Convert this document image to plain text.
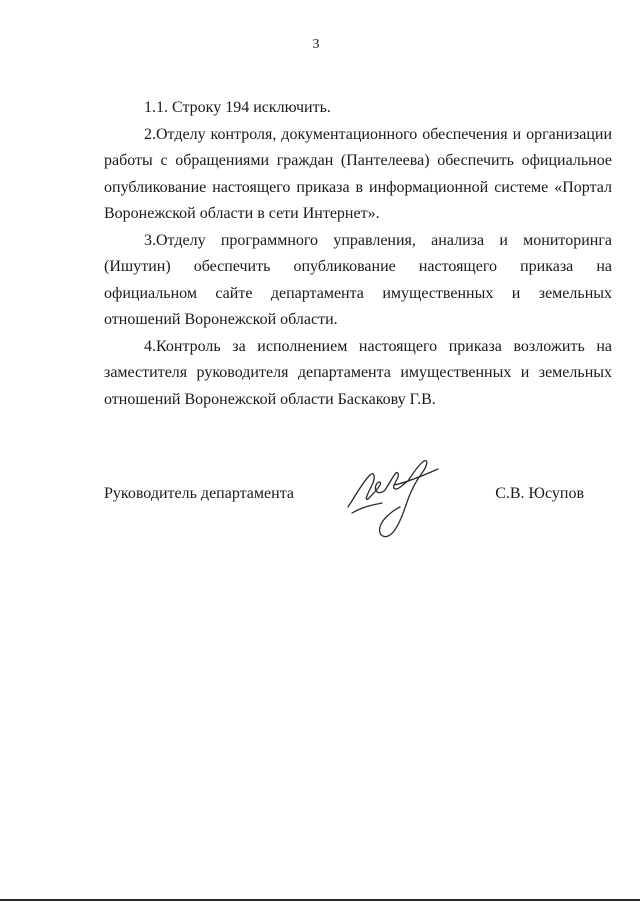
3

1.1. Строку 194 исключить.

2.Отделу контроля, документационного обеспечения и организации работы с обращениями граждан (Пантелеева) обеспечить официальное опубликование настоящего приказа в информационной системе «Портал Воронежской области в сети Интернет».

3.Отделу программного управления, анализа и мониторинга (Ишутин) обеспечить опубликование настоящего приказа на официальном сайте департамента имущественных и земельных отношений Воронежской области.

4.Контроль за исполнением настоящего приказа возложить на заместителя руководителя департамента имущественных и земельных отношений Воронежской области Баскакову Г.В.

Руководитель департамента	С.В. Юсупов
